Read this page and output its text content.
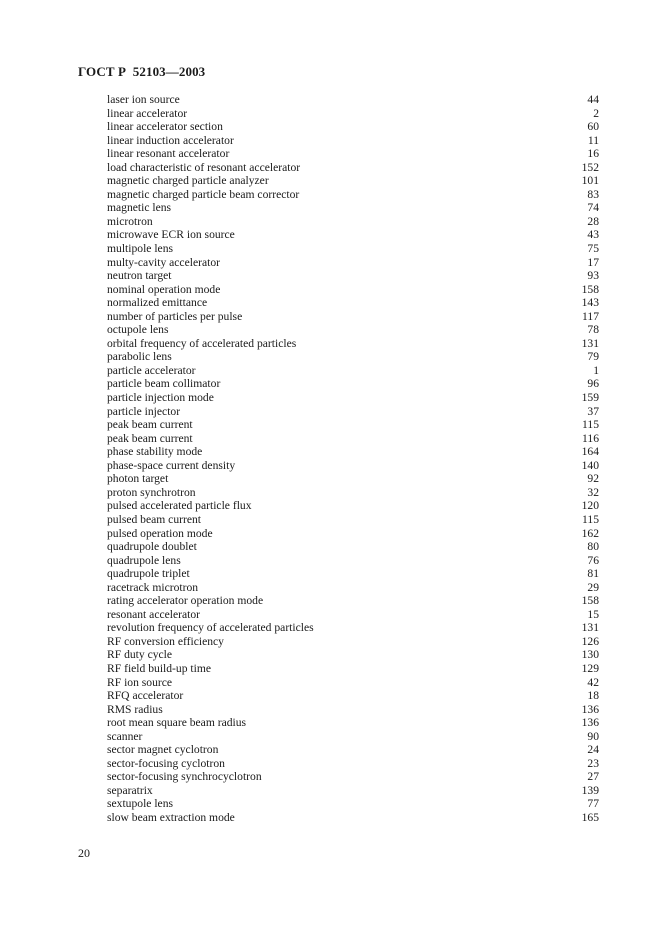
ГОСТ Р  52103—2003
laser ion source	44
linear accelerator	2
linear accelerator section	60
linear induction accelerator	11
linear resonant accelerator	16
load characteristic of resonant accelerator	152
magnetic charged particle analyzer	101
magnetic charged particle beam corrector	83
magnetic lens	74
microtron	28
microwave ECR ion source	43
multipole lens	75
multy-cavity accelerator	17
neutron target	93
nominal operation mode	158
normalized emittance	143
number of particles per pulse	117
octupole lens	78
orbital frequency of accelerated particles	131
parabolic lens	79
particle accelerator	1
particle beam collimator	96
particle injection mode	159
particle injector	37
peak beam current	115
peak beam current	116
phase stability mode	164
phase-space current density	140
photon target	92
proton synchrotron	32
pulsed accelerated particle flux	120
pulsed beam current	115
pulsed operation mode	162
quadrupole doublet	80
quadrupole lens	76
quadrupole triplet	81
racetrack microtron	29
rating accelerator operation mode	158
resonant accelerator	15
revolution frequency of accelerated particles	131
RF conversion efficiency	126
RF duty cycle	130
RF field build-up time	129
RF ion source	42
RFQ accelerator	18
RMS radius	136
root mean square beam radius	136
scanner	90
sector magnet cyclotron	24
sector-focusing cyclotron	23
sector-focusing synchrocyclotron	27
separatrix	139
sextupole lens	77
slow beam extraction mode	165
20
